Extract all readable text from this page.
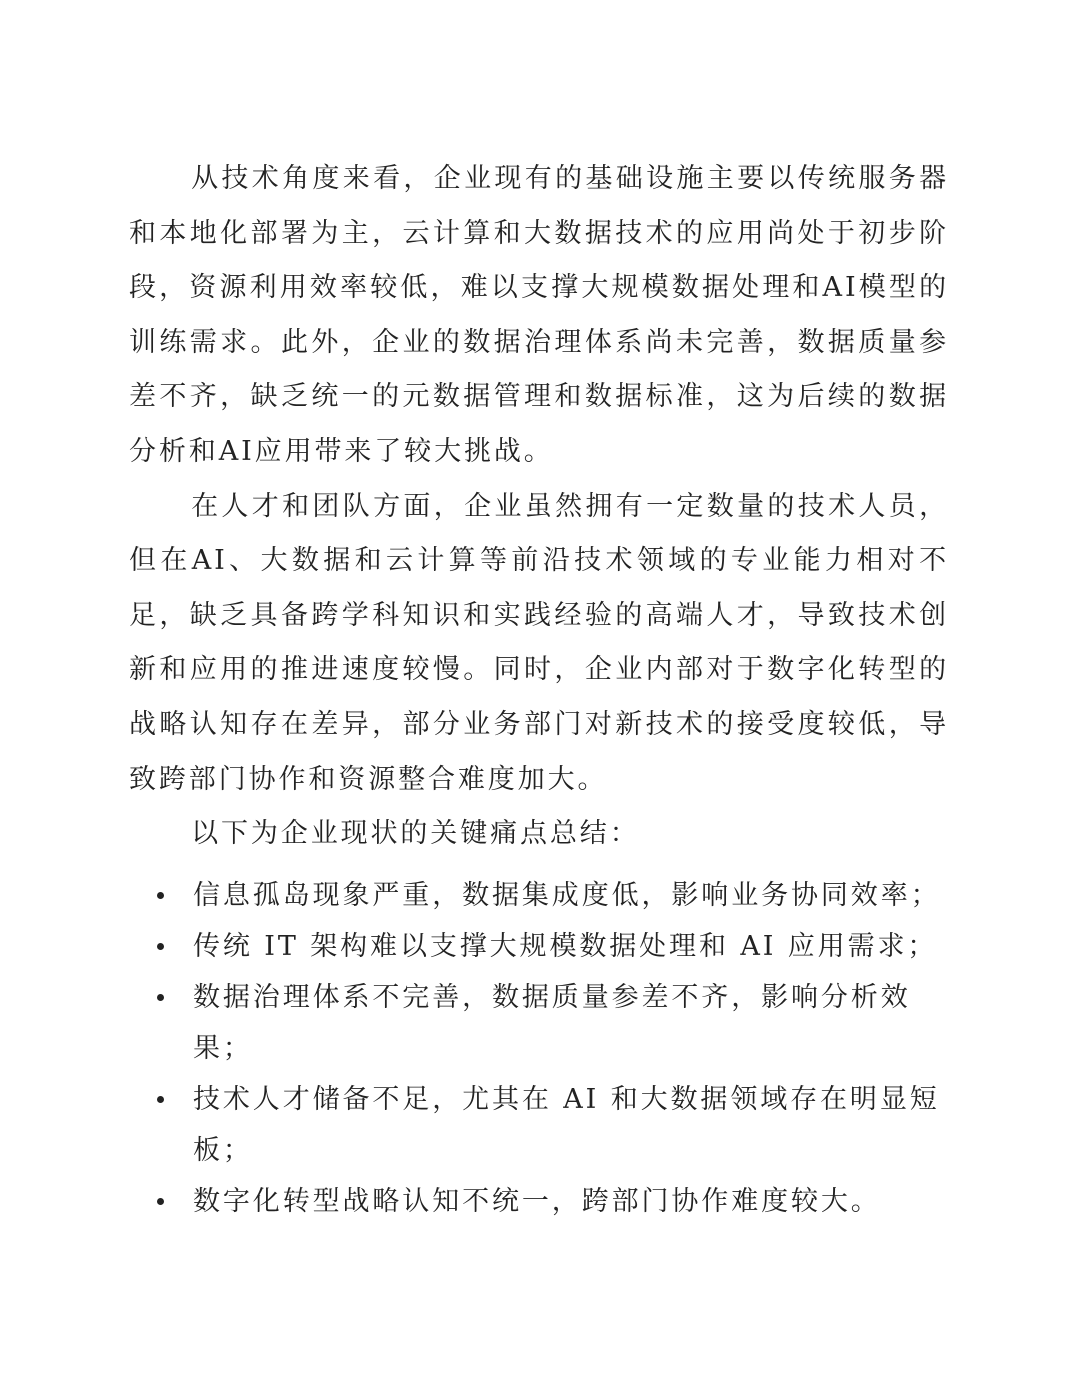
从技术角度来看，企业现有的基础设施主要以传统服务器和本地化部署为主，云计算和大数据技术的应用尚处于初步阶段，资源利用效率较低，难以支撑大规模数据处理和AI模型的训练需求。此外，企业的数据治理体系尚未完善，数据质量参差不齐，缺乏统一的元数据管理和数据标准，这为后续的数据分析和AI应用带来了较大挑战。

在人才和团队方面，企业虽然拥有一定数量的技术人员，但在AI、大数据和云计算等前沿技术领域的专业能力相对不足，缺乏具备跨学科知识和实践经验的高端人才，导致技术创新和应用的推进速度较慢。同时，企业内部对于数字化转型的战略认知存在差异，部分业务部门对新技术的接受度较低，导致跨部门协作和资源整合难度加大。

以下为企业现状的关键痛点总结：

信息孤岛现象严重，数据集成度低，影响业务协同效率；
传统 IT 架构难以支撑大规模数据处理和 AI 应用需求；
数据治理体系不完善，数据质量参差不齐，影响分析效果；
技术人才储备不足，尤其在 AI 和大数据领域存在明显短板；
数字化转型战略认知不统一，跨部门协作难度较大。
